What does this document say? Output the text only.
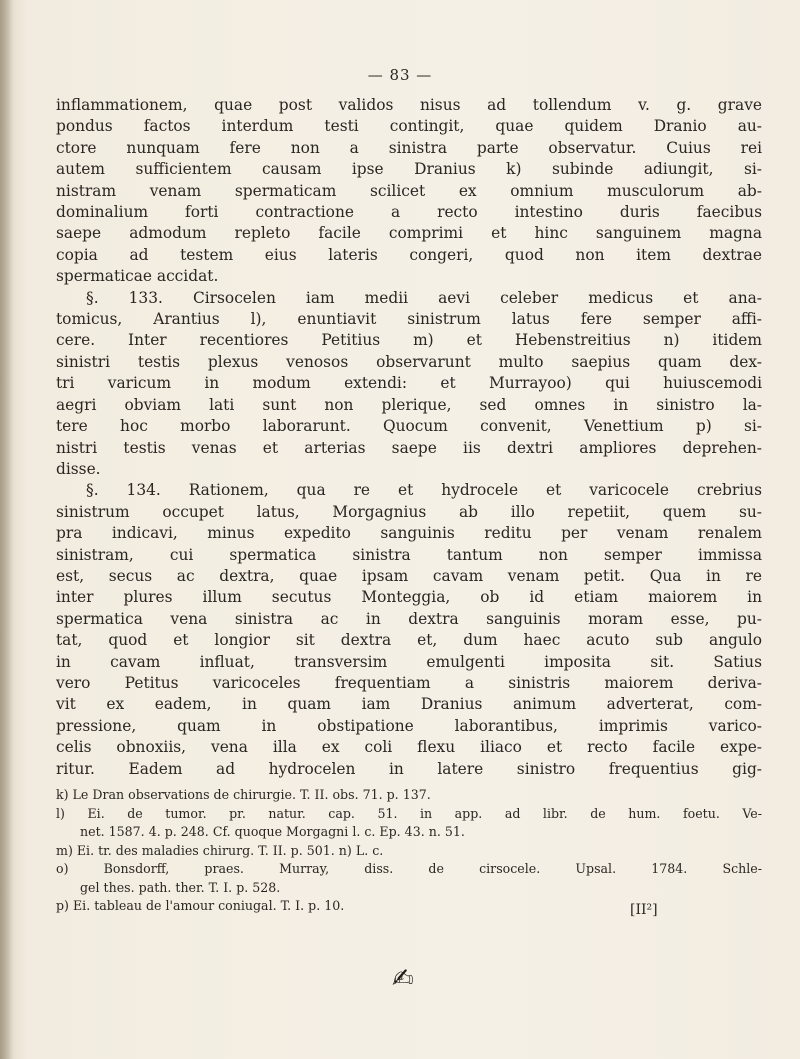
— 83 —
inflammationem, quae post validos nisus ad tollendum v. g. grave
pondus factos interdum testi contingit, quae quidem Dranio au-
ctore nunquam fere non a sinistra parte observatur. Cuius rei
autem sufficientem causam ipse Dranius k) subinde adiungit, si-
nistram venam spermaticam scilicet ex omnium musculorum ab-
dominalium forti contractione a recto intestino duris faecibus
saepe admodum repleto facile comprimi et hinc sanguinem magna
copia ad testem eius lateris congeri, quod non item dextrae
spermaticae accidat.
§. 133. Cirsocelen iam medii aevi celeber medicus et ana-
tomicus, Arantius l), enuntiavit sinistrum latus fere semper affi-
cere. Inter recentiores Petitius m) et Hebenstreitius n) itidem
sinistri testis plexus venosos observarunt multo saepius quam dex-
tri varicum in modum extendi: et Murrayoo) qui huiuscemodi
aegri obviam lati sunt non plerique, sed omnes in sinistro la-
tere hoc morbo laborarunt. Quocum convenit, Venettium p) si-
nistri testis venas et arterias saepe iis dextri ampliores deprehen-
disse.
§. 134. Rationem, qua re et hydrocele et varicocele crebrius
sinistrum occupet latus, Morgagnius ab illo repetiit, quem su-
pra indicavi, minus expedito sanguinis reditu per venam renalem
sinistram, cui spermatica sinistra tantum non semper immissa
est, secus ac dextra, quae ipsam cavam venam petit. Qua in re
inter plures illum secutus Monteggia, ob id etiam maiorem in
spermatica vena sinistra ac in dextra sanguinis moram esse, pu-
tat, quod et longior sit dextra et, dum haec acuto sub angulo
in cavam influat, transversim emulgenti imposita sit. Satius
vero Petitus varicoceles frequentiam a sinistris maiorem deriva-
vit ex eadem, in quam iam Dranius animum adverterat, com-
pressione, quam in obstipatione laborantibus, imprimis varico-
celis obnoxiis, vena illa ex coli flexu iliaco et recto facile expe-
ritur. Eadem ad hydrocelen in latere sinistro frequentius gig-
k) Le Dran observations de chirurgie. T. II. obs. 71. p. 137.
l) Ei. de tumor. pr. natur. cap. 51. in app. ad libr. de hum. foetu. Ve-
net. 1587. 4. p. 248. Cf. quoque Morgagni l. c. Ep. 43. n. 51.
m) Ei. tr. des maladies chirurg. T. II. p. 501. n) L. c.
o) Bonsdorff, praes. Murray, diss. de cirsocele. Upsal. 1784. Schle-
gel thes. path. ther. T. I. p. 528.
p) Ei. tableau de l'amour coniugal. T. I. p. 10.	[II²]
✍
